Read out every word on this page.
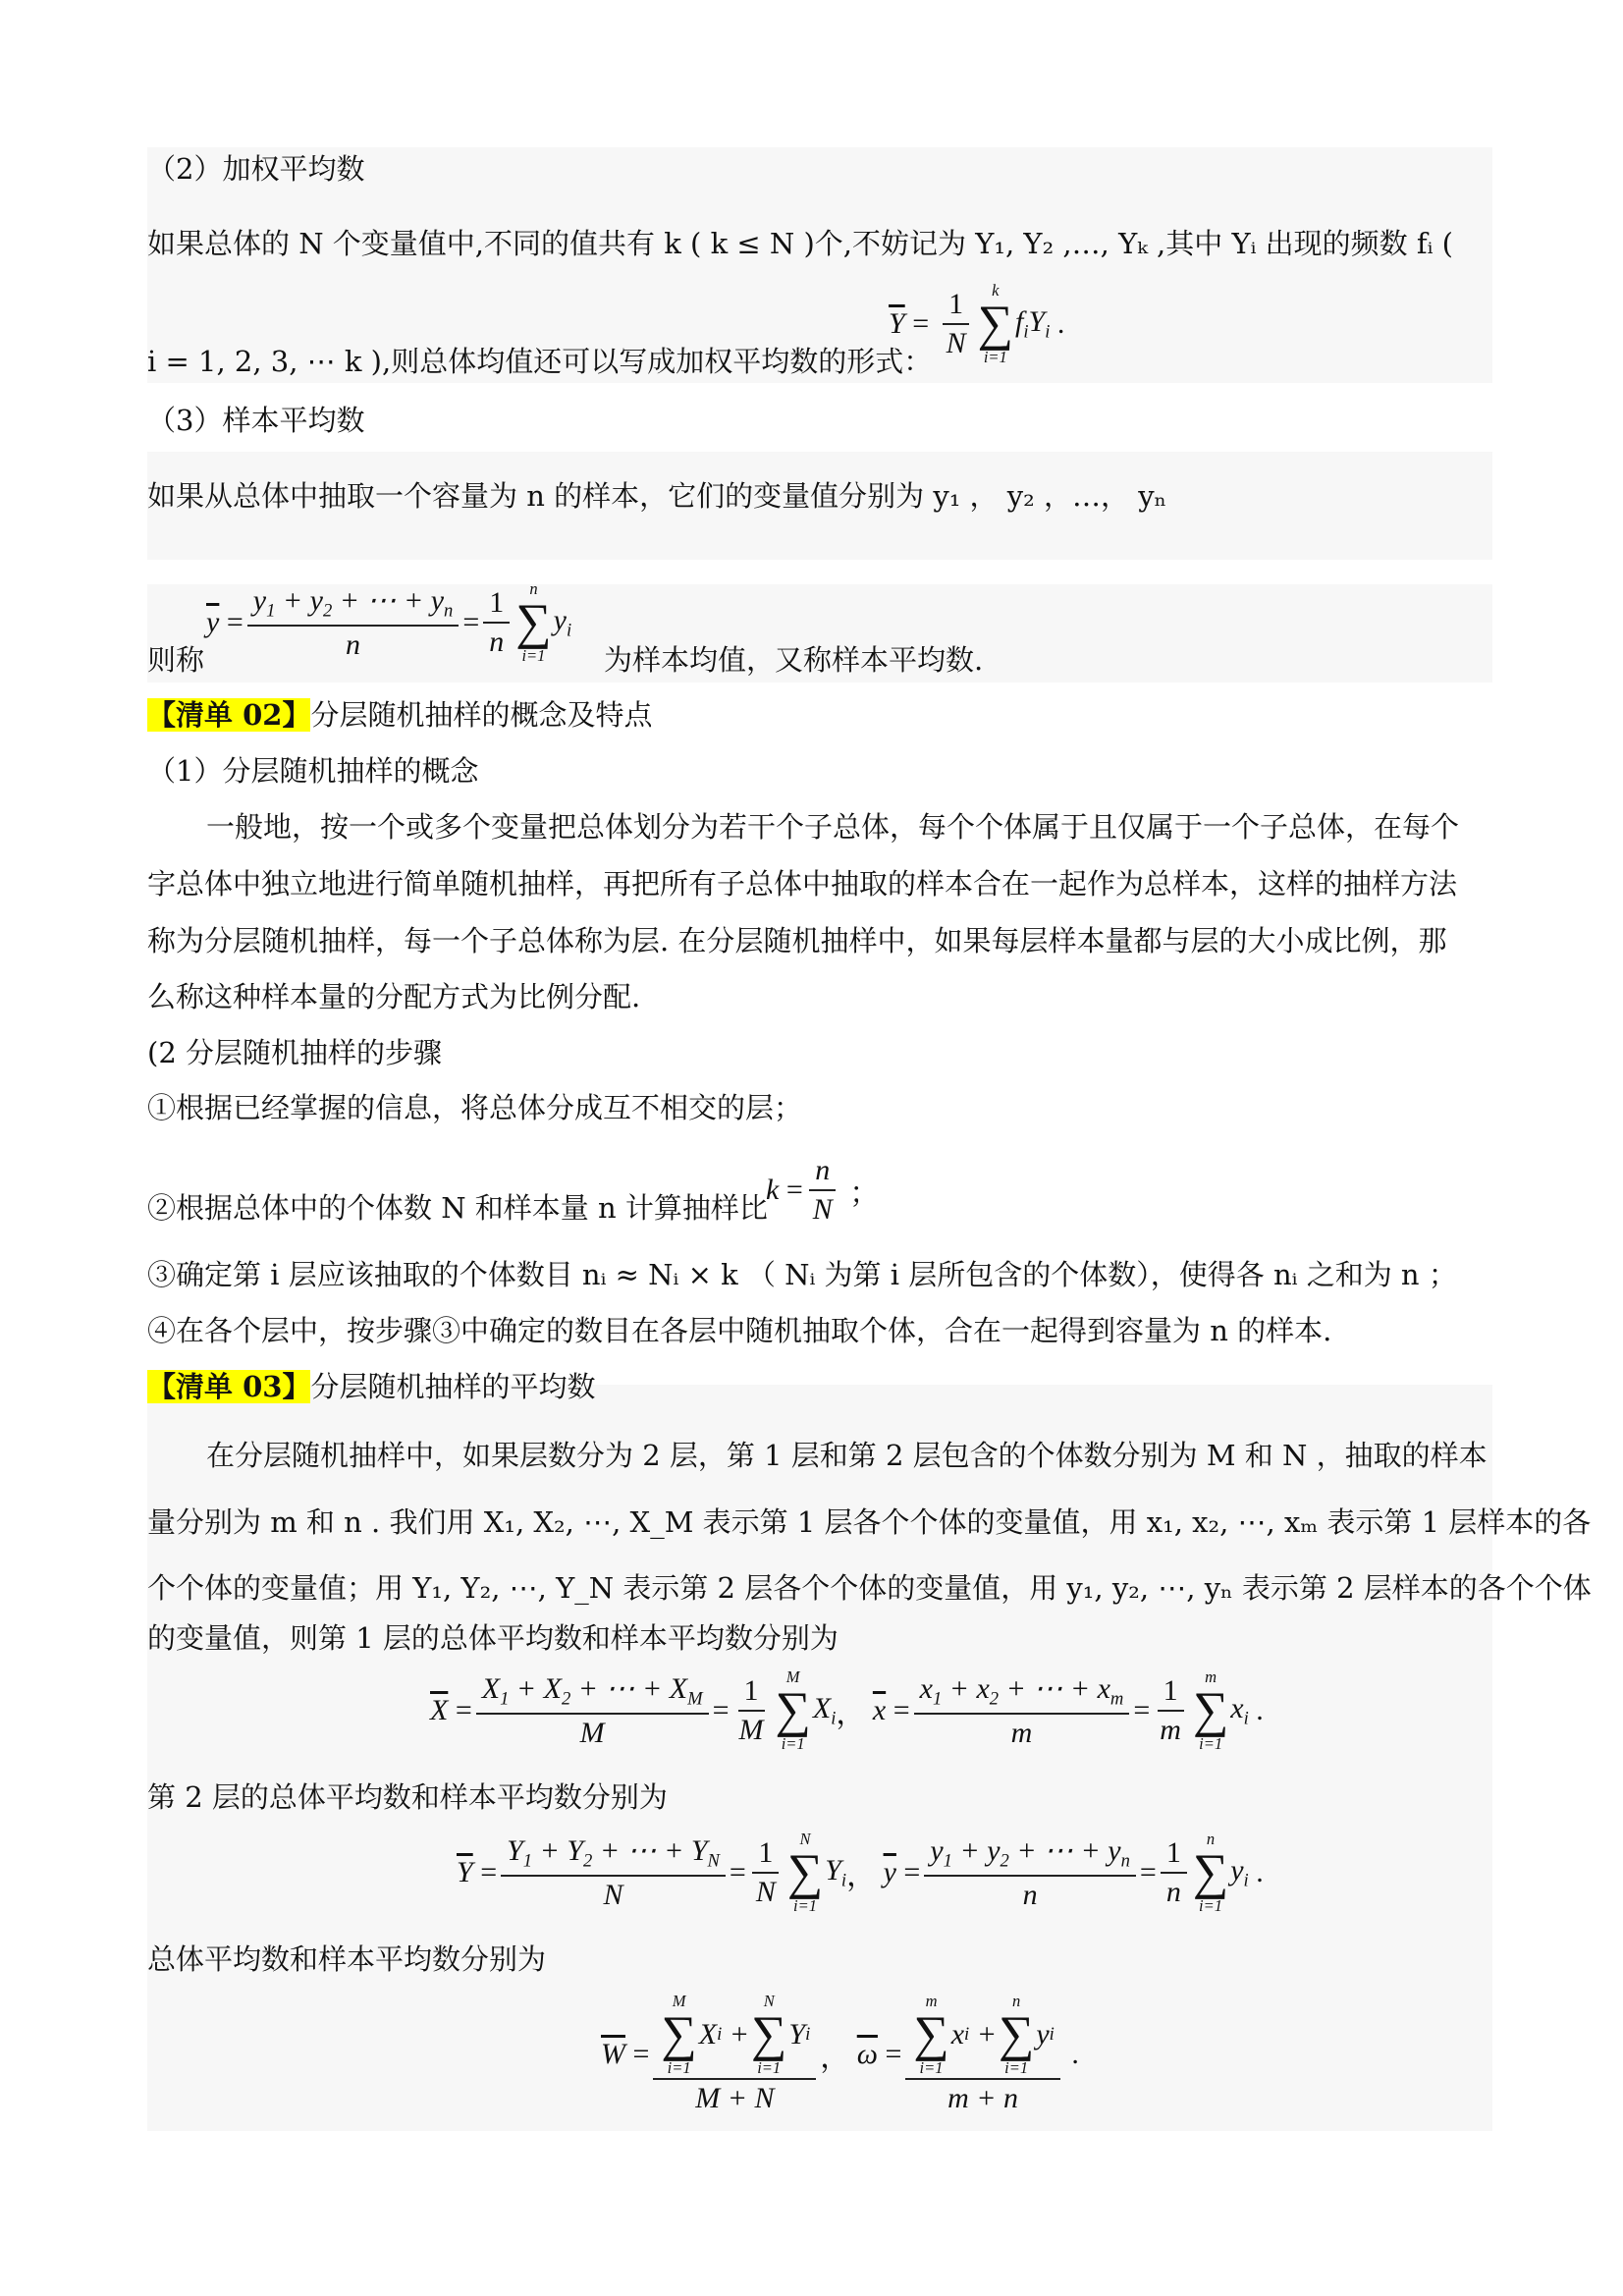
（2）加权平均数
如果总体的 N 个变量值中,不同的值共有 k ( k ≤ N )个,不妨记为 Y₁, Y₂ ,…, Yₖ ,其中 Yᵢ 出现的频数 fᵢ (
i = 1, 2, 3, ⋯ k ),则总体均值还可以写成加权平均数的形式：
$\overline{Y} = \frac{1}{N}$ k
∑
i=1
$f_iY_i$ .
（3）样本平均数
如果从总体中抽取一个容量为 n 的样本，它们的变量值分别为 y₁ ， y₂ ，…， yₙ
则称
$\overline{y} = \frac{y_1 + y_2 + \cdots + y_n}{n} = \frac{1}{n}$ n
∑
i=1
$y_i$
为样本均值，又称样本平均数.
【清单 02】分层随机抽样的概念及特点
（1）分层随机抽样的概念
一般地，按一个或多个变量把总体划分为若干个子总体，每个个体属于且仅属于一个子总体，在每个
字总体中独立地进行简单随机抽样，再把所有子总体中抽取的样本合在一起作为总样本，这样的抽样方法
称为分层随机抽样，每一个子总体称为层. 在分层随机抽样中，如果每层样本量都与层的大小成比例，那
么称这种样本量的分配方式为比例分配.
(2 分层随机抽样的步骤
①根据已经掌握的信息，将总体分成互不相交的层；
②根据总体中的个体数 N 和样本量 n 计算抽样比
$k = \frac{n}{N}$ ；
③确定第 i 层应该抽取的个体数目 nᵢ ≈ Nᵢ × k （ Nᵢ 为第 i 层所包含的个体数），使得各 nᵢ 之和为 n ；
④在各个层中，按步骤③中确定的数目在各层中随机抽取个体，合在一起得到容量为 n 的样本.
【清单 03】分层随机抽样的平均数
在分层随机抽样中，如果层数分为 2 层，第 1 层和第 2 层包含的个体数分别为 M 和 N ，抽取的样本
量分别为 m 和 n . 我们用 X₁, X₂, ⋯, X_M 表示第 1 层各个个体的变量值，用 x₁, x₂, ⋯, xₘ 表示第 1 层样本的各
个个体的变量值；用 Y₁, Y₂, ⋯, Y_N 表示第 2 层各个个体的变量值，用 y₁, y₂, ⋯, yₙ 表示第 2 层样本的各个个体
的变量值，则第 1 层的总体平均数和样本平均数分别为
$\overline{X} = \frac{X_1 + X_2 + \cdots + X_M}{M} = \frac{1}{M}$ M
∑
i=1
$X_i$ ， $\overline{x} = \frac{x_1 + x_2 + \cdots + x_m}{m} = \frac{1}{m}$ m
∑
i=1
$x_i$ .
第 2 层的总体平均数和样本平均数分别为
$\overline{Y} = \frac{Y_1 + Y_2 + \cdots + Y_N}{N} = \frac{1}{N}$ N
∑
i=1
$Y_i$ ， $\overline{y} = \frac{y_1 + y_2 + \cdots + y_n}{n} = \frac{1}{n}$ n
∑
i=1
$y_i$ .
总体平均数和样本平均数分别为
$\overline{W} = M$
∑
i=1
X i +
N
∑
i=1
Y i
M + N ， $\overline{\omega} = m$
∑
i=1
x i +
n
∑
i=1
y i
m + n .
